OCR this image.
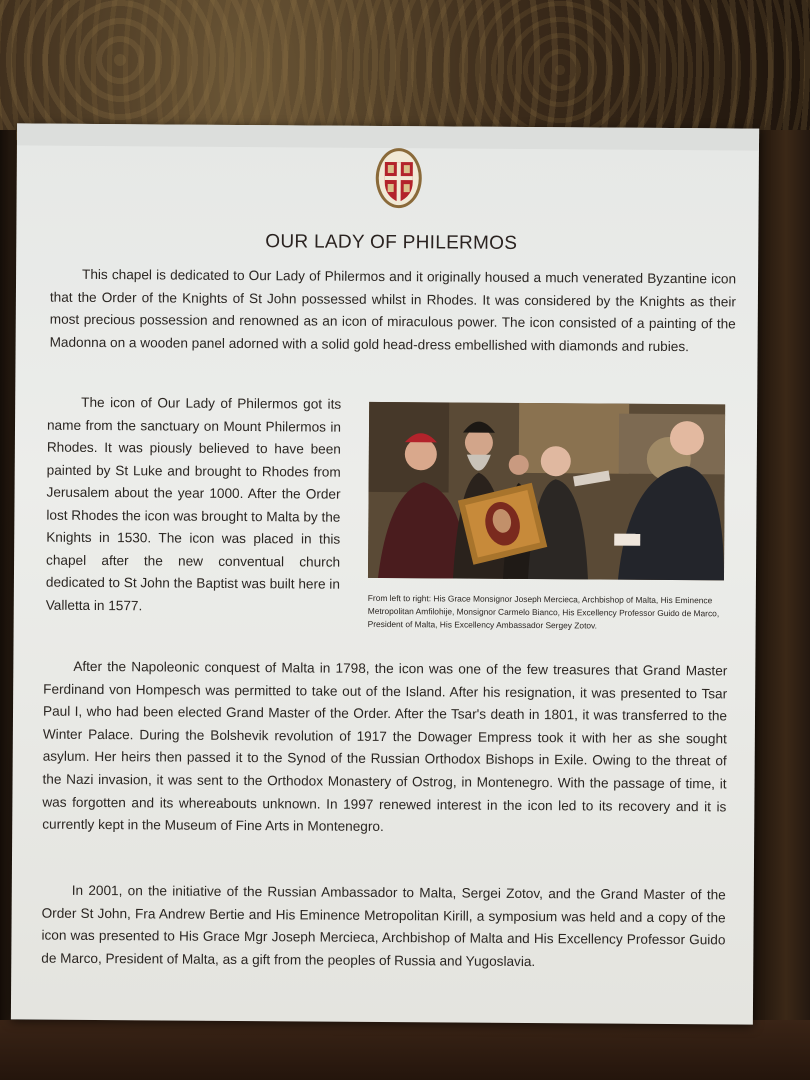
OUR LADY OF PHILERMOS
This chapel is dedicated to Our Lady of Philermos and it originally housed a much venerated Byzantine icon that the Order of the Knights of St John possessed whilst in Rhodes. It was considered by the Knights as their most precious possession and renowned as an icon of miraculous power. The icon consisted of a painting of the Madonna on a wooden panel adorned with a solid gold head-dress embellished with diamonds and rubies.
The icon of Our Lady of Philermos got its name from the sanctuary on Mount Philermos in Rhodes. It was piously believed to have been painted by St Luke and brought to Rhodes from Jerusalem about the year 1000. After the Order lost Rhodes the icon was brought to Malta by the Knights in 1530. The icon was placed in this chapel after the new conventual church dedicated to St John the Baptist was built here in Valletta in 1577.	From left to right: His Grace Monsignor Joseph Mercieca, Archbishop of Malta, His Eminence Metropolitan Amfilohije, Monsignor Carmelo Bianco, His Excellency Professor Guido de Marco, President of Malta, His Excellency Ambassador Sergey Zotov.
After the Napoleonic conquest of Malta in 1798, the icon was one of the few treasures that Grand Master Ferdinand von Hompesch was permitted to take out of the Island. After his resignation, it was presented to Tsar Paul I, who had been elected Grand Master of the Order. After the Tsar's death in 1801, it was transferred to the Winter Palace. During the Bolshevik revolution of 1917 the Dowager Empress took it with her as she sought asylum. Her heirs then passed it to the Synod of the Russian Orthodox Bishops in Exile. Owing to the threat of the Nazi invasion, it was sent to the Orthodox Monastery of Ostrog, in Montenegro. With the passage of time, it was forgotten and its whereabouts unknown. In 1997 renewed interest in the icon led to its recovery and it is currently kept in the Museum of Fine Arts in Montenegro.
In 2001, on the initiative of the Russian Ambassador to Malta, Sergei Zotov, and the Grand Master of the Order St John, Fra Andrew Bertie and His Eminence Metropolitan Kirill, a symposium was held and a copy of the icon was presented to His Grace Mgr Joseph Mercieca, Archbishop of Malta and His Excellency Professor Guido de Marco, President of Malta, as a gift from the peoples of Russia and Yugoslavia.
